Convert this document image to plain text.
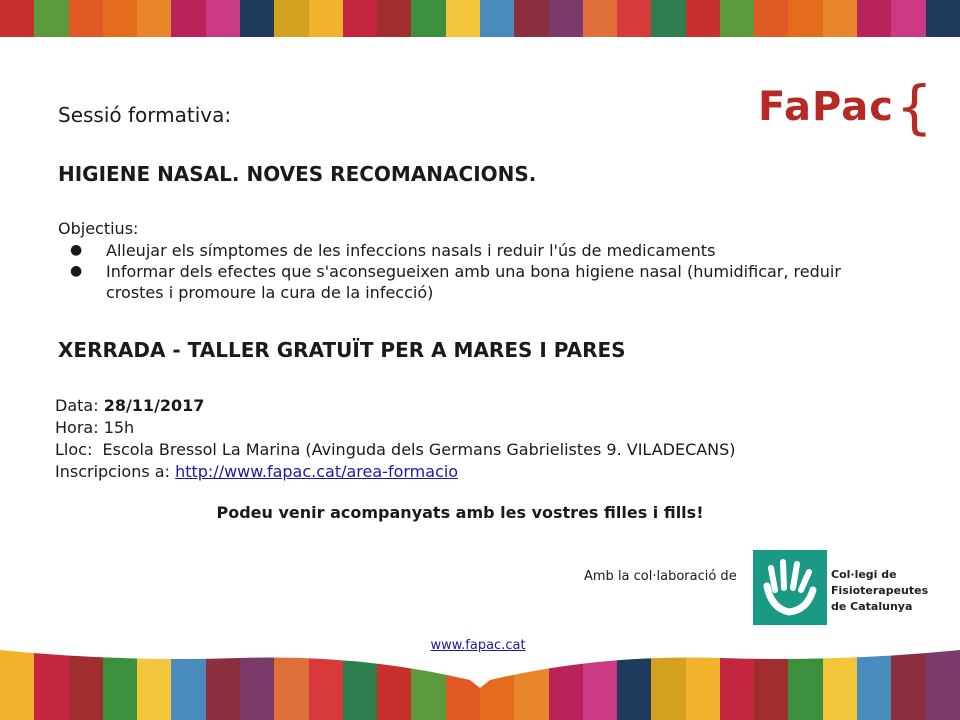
FaPac {
Sessió formativa:
HIGIENE NASAL. NOVES RECOMANACIONS.
Objectius:
● Alleujar els símptomes de les infeccions nasals i reduir l'ús de medicaments
● Informar dels efectes que s'aconsegueixen amb una bona higiene nasal (humidificar, reduir crostes i promoure la cura de la infecció)
XERRADA - TALLER GRATUÏT PER A MARES I PARES
Data: 28/11/2017
Hora: 15h
Lloc: Escola Bressol La Marina (Avinguda dels Germans Gabrielistes 9. VILADECANS)
Inscripcions a: http://www.fapac.cat/area-formacio
Podeu venir acompanyats amb les vostres filles i fills!
Amb la col·laboració de	Col·legi de
Fisioterapeutes
de Catalunya
www.fapac.cat
